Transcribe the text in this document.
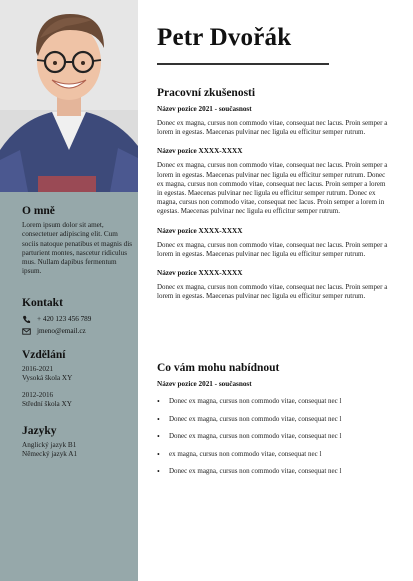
O mně
Lorem ipsum dolor sit amet, consectetuer adipiscing elit. Cum sociis natoque penatibus et magnis dis parturient montes, nascetur ridiculus mus. Nullam dapibus fermentum ipsum.
Kontakt
+ 420 123 456 789
jmeno@email.cz
Vzdělání
2016-2021
Vysoká škola XY
2012-2016
Střední škola XY
Jazyky
Anglický jazyk B1
Německý jazyk A1
Petr Dvořák
Pracovní zkušenosti
Název pozice 2021 - současnost
Donec ex magna, cursus non commodo vitae, consequat nec lacus. Proin semper a lorem in egestas. Maecenas pulvinar nec ligula eu efficitur semper rutrum.
Název pozice XXXX-XXXX
Donec ex magna, cursus non commodo vitae, consequat nec lacus. Proin semper a lorem in egestas. Maecenas pulvinar nec ligula eu efficitur semper rutrum. Donec ex magna, cursus non commodo vitae, consequat nec lacus. Proin semper a lorem in egestas. Maecenas pulvinar nec ligula eu efficitur semper rutrum. Donec ex magna, cursus non commodo vitae, consequat nec lacus. Proin semper a lorem in egestas. Maecenas pulvinar nec ligula eu efficitur semper rutrum.
Název pozice XXXX-XXXX
Donec ex magna, cursus non commodo vitae, consequat nec lacus. Proin semper a lorem in egestas. Maecenas pulvinar nec ligula eu efficitur semper rutrum.
Název pozice XXXX-XXXX
Donec ex magna, cursus non commodo vitae, consequat nec lacus. Proin semper a lorem in egestas. Maecenas pulvinar nec ligula eu efficitur semper rutrum.
Co vám mohu nabídnout
Název pozice 2021 - současnost
• Donec ex magna, cursus non commodo vitae, consequat nec l
• Donec ex magna, cursus non commodo vitae, consequat nec l
• Donec ex magna, cursus non commodo vitae, consequat nec l
• ex magna, cursus non commodo vitae, consequat nec l
• Donec ex magna, cursus non commodo vitae, consequat nec l
